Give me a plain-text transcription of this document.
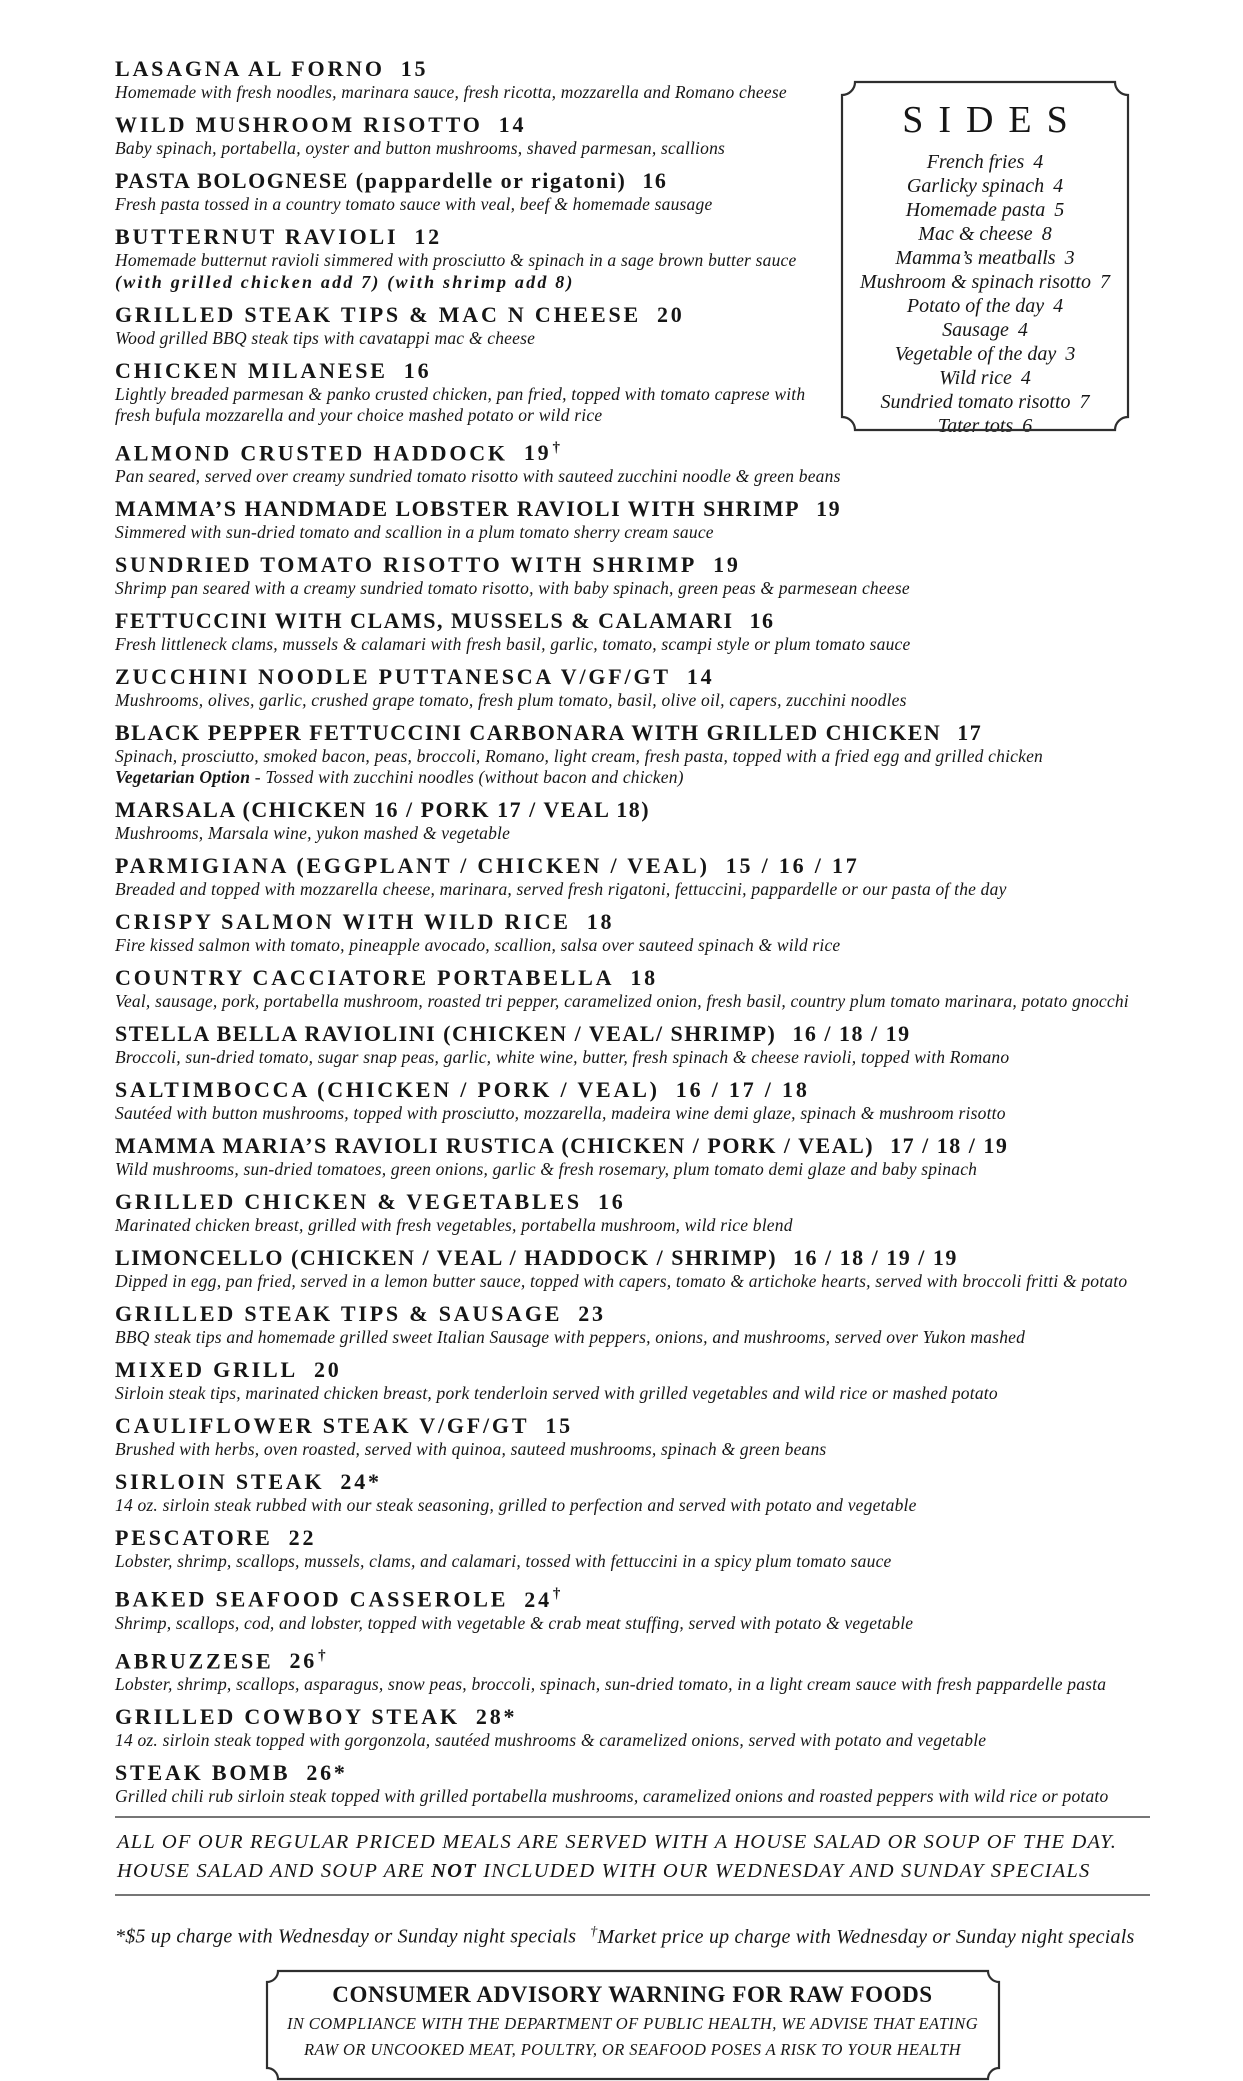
SIDES
French fries 4
Garlicky spinach 4
Homemade pasta 5
Mac & cheese 8
Mamma’s meatballs 3
Mushroom & spinach risotto 7
Potato of the day 4
Sausage 4
Vegetable of the day 3
Wild rice 4
Sundried tomato risotto 7
Tater tots 6
LASAGNA AL FORNO 15
Homemade with fresh noodles, marinara sauce, fresh ricotta, mozzarella and Romano cheese
WILD MUSHROOM RISOTTO 14
Baby spinach, portabella, oyster and button mushrooms, shaved parmesan, scallions
PASTA BOLOGNESE (pappardelle or rigatoni) 16
Fresh pasta tossed in a country tomato sauce with veal, beef & homemade sausage
BUTTERNUT RAVIOLI 12
Homemade butternut ravioli simmered with prosciutto & spinach in a sage brown butter sauce
(with grilled chicken add 7) (with shrimp add 8)
GRILLED STEAK TIPS & MAC N CHEESE 20
Wood grilled BBQ steak tips with cavatappi mac & cheese
CHICKEN MILANESE 16
Lightly breaded parmesan & panko crusted chicken, pan fried, topped with tomato caprese with fresh bufula mozzarella and your choice mashed potato or wild rice
ALMOND CRUSTED HADDOCK 19†
Pan seared, served over creamy sundried tomato risotto with sauteed zucchini noodle & green beans
MAMMA’S HANDMADE LOBSTER RAVIOLI WITH SHRIMP 19
Simmered with sun-dried tomato and scallion in a plum tomato sherry cream sauce
SUNDRIED TOMATO RISOTTO WITH SHRIMP 19
Shrimp pan seared with a creamy sundried tomato risotto, with baby spinach, green peas & parmesean cheese
FETTUCCINI WITH CLAMS, MUSSELS & CALAMARI 16
Fresh littleneck clams, mussels & calamari with fresh basil, garlic, tomato, scampi style or plum tomato sauce
ZUCCHINI NOODLE PUTTANESCA V/GF/GT 14
Mushrooms, olives, garlic, crushed grape tomato, fresh plum tomato, basil, olive oil, capers, zucchini noodles
BLACK PEPPER FETTUCCINI CARBONARA WITH GRILLED CHICKEN 17
Spinach, prosciutto, smoked bacon, peas, broccoli, Romano, light cream, fresh pasta, topped with a fried egg and grilled chicken
Vegetarian Option - Tossed with zucchini noodles (without bacon and chicken)
MARSALA (CHICKEN 16 / PORK 17 / VEAL 18)
Mushrooms, Marsala wine, yukon mashed & vegetable
PARMIGIANA (EGGPLANT / CHICKEN / VEAL) 15 / 16 / 17
Breaded and topped with mozzarella cheese, marinara, served fresh rigatoni, fettuccini, pappardelle or our pasta of the day
CRISPY SALMON WITH WILD RICE 18
Fire kissed salmon with tomato, pineapple avocado, scallion, salsa over sauteed spinach & wild rice
COUNTRY CACCIATORE PORTABELLA 18
Veal, sausage, pork, portabella mushroom, roasted tri pepper, caramelized onion, fresh basil, country plum tomato marinara, potato gnocchi
STELLA BELLA RAVIOLINI (CHICKEN / VEAL/ SHRIMP) 16 / 18 / 19
Broccoli, sun-dried tomato, sugar snap peas, garlic, white wine, butter, fresh spinach & cheese ravioli, topped with Romano
SALTIMBOCCA (CHICKEN / PORK / VEAL) 16 / 17 / 18
Sautéed with button mushrooms, topped with prosciutto, mozzarella, madeira wine demi glaze, spinach & mushroom risotto
MAMMA MARIA’S RAVIOLI RUSTICA (CHICKEN / PORK / VEAL) 17 / 18 / 19
Wild mushrooms, sun-dried tomatoes, green onions, garlic & fresh rosemary, plum tomato demi glaze and baby spinach
GRILLED CHICKEN & VEGETABLES 16
Marinated chicken breast, grilled with fresh vegetables, portabella mushroom, wild rice blend
LIMONCELLO (CHICKEN / VEAL / HADDOCK / SHRIMP) 16 / 18 / 19 / 19
Dipped in egg, pan fried, served in a lemon butter sauce, topped with capers, tomato & artichoke hearts, served with broccoli fritti & potato
GRILLED STEAK TIPS & SAUSAGE 23
BBQ steak tips and homemade grilled sweet Italian Sausage with peppers, onions, and mushrooms, served over Yukon mashed
MIXED GRILL 20
Sirloin steak tips, marinated chicken breast, pork tenderloin served with grilled vegetables and wild rice or mashed potato
CAULIFLOWER STEAK V/GF/GT 15
Brushed with herbs, oven roasted, served with quinoa, sauteed mushrooms, spinach & green beans
SIRLOIN STEAK 24*
14 oz. sirloin steak rubbed with our steak seasoning, grilled to perfection and served with potato and vegetable
PESCATORE 22
Lobster, shrimp, scallops, mussels, clams, and calamari, tossed with fettuccini in a spicy plum tomato sauce
BAKED SEAFOOD CASSEROLE 24†
Shrimp, scallops, cod, and lobster, topped with vegetable & crab meat stuffing, served with potato & vegetable
ABRUZZESE 26†
Lobster, shrimp, scallops, asparagus, snow peas, broccoli, spinach, sun-dried tomato, in a light cream sauce with fresh pappardelle pasta
GRILLED COWBOY STEAK 28*
14 oz. sirloin steak topped with gorgonzola, sautéed mushrooms & caramelized onions, served with potato and vegetable
STEAK BOMB 26*
Grilled chili rub sirloin steak topped with grilled portabella mushrooms, caramelized onions and roasted peppers with wild rice or potato
ALL OF OUR REGULAR PRICED MEALS ARE SERVED WITH A HOUSE SALAD OR SOUP OF THE DAY.
HOUSE SALAD AND SOUP ARE NOT INCLUDED WITH OUR WEDNESDAY AND SUNDAY SPECIALS
*$5 up charge with Wednesday or Sunday night specials †Market price up charge with Wednesday or Sunday night specials
CONSUMER ADVISORY WARNING FOR RAW FOODS
IN COMPLIANCE WITH THE DEPARTMENT OF PUBLIC HEALTH, WE ADVISE THAT EATING
RAW OR UNCOOKED MEAT, POULTRY, OR SEAFOOD POSES A RISK TO YOUR HEALTH
